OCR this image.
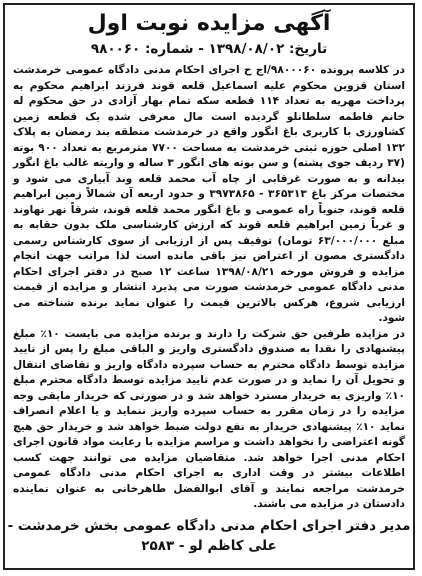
آگهی مزایده نوبت اول
تاریخ: ۱۳۹۸/۰۸/۰۲ - شماره: ۹۸۰۰۶۰

در کلاسه پرونده ۹۸۰۰۰۶۰/اج ح اجرای احکام مدنی دادگاه عمومی خرمدشت استان قزوین محکوم علیه اسماعیل قلعه قوند فرزند ابراهیم محکوم به پرداخت مهریه به تعداد ۱۱۴ قطعه سکه تمام بهار آزادی در حق محکوم له خانم فاطمه سلطانلو گردیده است مال معرفی شده یک قطعه زمین کشاورزی با کاربری باغ انگور واقع در خرمدشت منطقه بند رمضان به پلاک ۱۳۲ اصلی حوزه ثبتی خرمدشت به مساحت ۷۷۰۰ مترمربع به تعداد ۹۰۰ بوته (۳۷ ردیف جوی پشته) و سن بوته های انگور ۳ ساله و واریته غالب باغ انگور بیدانه و به صورت غرقابی از چاه آب محمد قلعه وند آبیاری می شود و مختصات مرکز باغ ۳۶۵۳۱۳ - ۳۹۷۳۸۶۵ و حدود اربعه آن شمالاً زمین ابراهیم قلعه قوند، جنوباً راه عمومی و باغ انگور محمد قلعه قوند، شرقاً نهر نهاوند و غرباً زمین ابراهیم قلعه قوند که ارزش کارشناسی ملک بدون حقابه به مبلغ ۶۳/۰۰۰/۰۰۰ تومان) توقیف پس از ارزیابی از سوی کارشناس رسمی دادگستری مصون از اعتراض نیز باقی مانده است لذا مراتب جهت انجام مزایده و فروش مورخه ۱۳۹۸/۰۸/۲۱ ساعت ۱۲ صبح در دفتر اجرای احکام مدنی دادگاه عمومی خرمدشت صورت می پذیرد انتشار و مزایده از قیمت ارزیابی شروع، هرکس بالاترین قیمت را عنوان نماید برنده شناخته می شود.

در مزایده طرفین حق شرکت را دارند و برنده مزایده می بایست ۱۰٪ مبلغ پیشنهادی را نقدا به صندوق دادگستری واریز و الباقی مبلغ را پس از تایید مزایده توسط دادگاه محترم به حساب سپرده دادگاه واریز و تقاضای انتقال و تحویل آن را نماید و در صورت عدم تایید مزایده توسط دادگاه محترم مبلغ ۱۰٪ واریزی به خریدار مسترد خواهد شد و در صورتی که خریدار مابقی وجه مزایده را در زمان مقرر به حساب سپرده واریز ننماید و یا اعلام انصراف نماید ۱۰٪ پیشنهادی خریدار به نفع دولت ضبط خواهد شد و خریدار حق هیچ گونه اعتراضی را نخواهد داشت و مراسم مزایده با رعایت مواد قانون اجرای احکام مدنی اجرا خواهد شد. متقاضیان مزایده می توانند جهت کسب اطلاعات بیشتر در وقت اداری به اجرای احکام مدنی دادگاه عمومی خرمدشت مراجعه نمایند و آقای ابوالفضل طاهرخانی به عنوان نماینده دادستان در مزایده می باشند.

مدیر دفتر اجرای احکام مدنی دادگاه عمومی بخش خرمدشت -
علی کاظم لو - ۲۵۸۳
